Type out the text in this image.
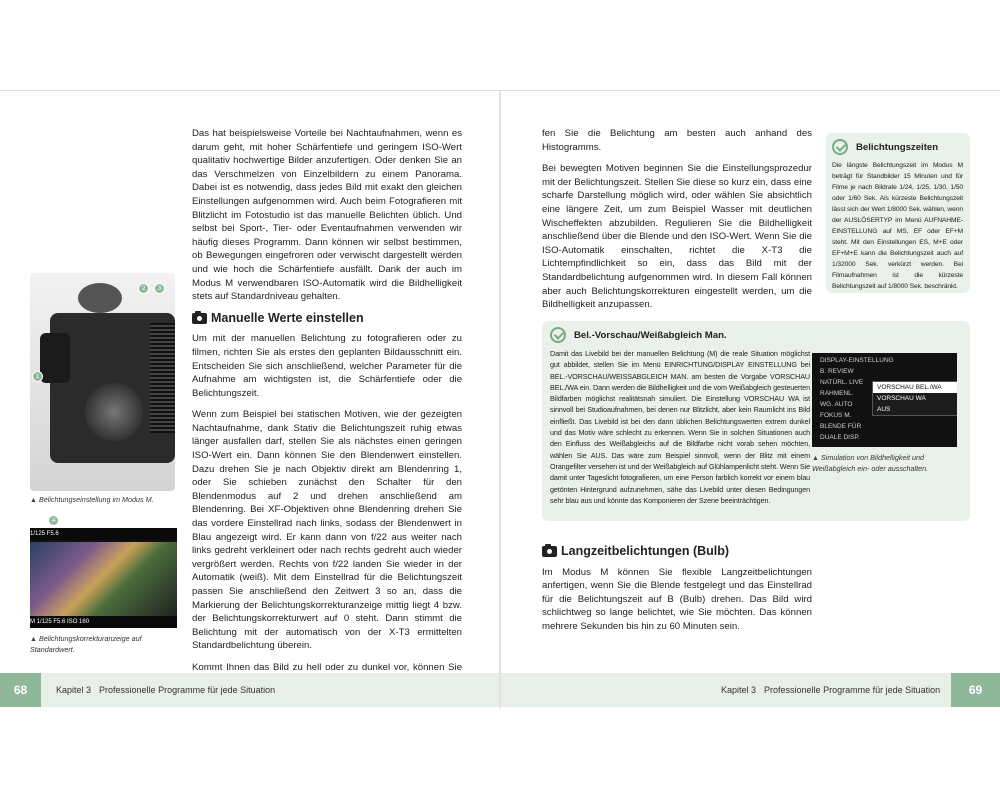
2	3
1
▲ Belichtungseinstellung im Modus M.
4
1/125 F5.6
M 1/125 F5.6 ISO 160
▲ Belichtungskorrekturanzeige auf Standardwert.

Das hat beispielsweise Vorteile bei Nachtaufnahmen, wenn es darum geht, mit hoher Schärfentiefe und geringem ISO-Wert qualitativ hochwertige Bilder anzufertigen. Oder denken Sie an das Verschmelzen von Einzelbildern zu einem Panorama. Dabei ist es notwendig, dass jedes Bild mit exakt den gleichen Einstellungen aufgenommen wird. Auch beim Fotografieren mit Blitzlicht im Fotostudio ist das manuelle Belichten üblich. Und selbst bei Sport-, Tier- oder Eventaufnahmen verwenden wir häufig dieses Programm. Dann können wir selbst bestimmen, ob Bewegungen eingefroren oder verwischt dargestellt werden und wie hoch die Schärfentiefe ausfällt. Dank der auch im Modus M verwendbaren ISO-Automatik wird die Bildhelligkeit stets auf Standardniveau gehalten.

Manuelle Werte einstellen

Um mit der manuellen Belichtung zu fotografieren oder zu filmen, richten Sie als erstes den geplanten Bildausschnitt ein. Entscheiden Sie sich anschließend, welcher Parameter für die Aufnahme am wichtigsten ist, die Schärfentiefe oder die Belichtungszeit.

Wenn zum Beispiel bei statischen Motiven, wie der gezeigten Nachtaufnahme, dank Stativ die Belichtungszeit ruhig etwas länger ausfallen darf, stellen Sie als nächstes einen geringen ISO-Wert ein. Dann können Sie den Blendenwert einstellen. Dazu drehen Sie je nach Objektiv direkt am Blendenring 1, oder Sie schieben zunächst den Schalter für den Blendenmodus auf 2 und drehen anschließend am Blendenring. Bei XF-Objektiven ohne Blendenring drehen Sie das vordere Einstellrad nach links, sodass der Blendenwert in Blau angezeigt wird. Er kann dann von f/22 aus weiter nach links gedreht verkleinert oder nach rechts gedreht auch wieder vergrößert werden. Rechts von f/22 landen Sie wieder in der Automatik (weiß). Mit dem Einstellrad für die Belichtungszeit passen Sie anschließend den Zeitwert 3 so an, dass die Markierung der Belichtungskorrekturanzeige mittig liegt 4 bzw. der Belichtungskorrekturwert auf 0 steht. Dann stimmt die Belichtung mit der automatisch von der X-T3 ermittelten Standardbelichtung überein.

Kommt Ihnen das Bild zu hell oder zu dunkel vor, können Sie

fen Sie die Belichtung am besten auch anhand des Histogramms.

Bei bewegten Motiven beginnen Sie die Einstellungsprozedur mit der Belichtungszeit. Stellen Sie diese so kurz ein, dass eine scharfe Darstellung möglich wird, oder wählen Sie absichtlich eine längere Zeit, um zum Beispiel Wasser mit deutlichen Wischeffekten abzubilden. Regulieren Sie die Bildhelligkeit anschließend über die Blende und den ISO-Wert. Wenn Sie die ISO-Automatik einschalten, richtet die X-T3 die Lichtempfindlichkeit so ein, dass das Bild mit der Standardbelichtung aufgenommen wird. In diesem Fall können aber auch Belichtungskorrekturen eingestellt werden, um die Bildhelligkeit anzupassen.

Belichtungszeiten

Die längste Belichtungszeit im Modus M beträgt für Standbilder 15 Minuten und für Filme je nach Bildrate 1/24, 1/25, 1/30, 1/50 oder 1/60 Sek. Als kürzeste Belichtungszeit lässt sich der Wert 1/8000 Sek. wählen, wenn der AUSLÖSERTYP im Menü AUFNAHME-EINSTELLUNG auf MS, EF oder EF+M steht. Mit den Einstellungen ES, M+E oder EF+M+E kann die Belichtungszeit auch auf 1/32000 Sek. verkürzt werden. Bei Filmaufnahmen ist die kürzeste Belichtungszeit auf 1/8000 Sek. beschränkt.

Bel.-Vorschau/Weißabgleich Man.

Damit das Livebild bei der manuellen Belichtung (M) die reale Situation möglichst gut abbildet, stellen Sie im Menü EINRICHTUNG/DISPLAY EINSTELLUNG bei BEL.-VORSCHAU/WEISSABGLEICH MAN. am besten die Vorgabe VORSCHAU BEL./WA ein. Dann werden die Bildhelligkeit und die vom Weißabgleich gesteuerten Bildfarben möglichst realitätsnah simuliert. Die Einstellung VORSCHAU WA ist sinnvoll bei Studioaufnahmen, bei denen nur Blitzlicht, aber kein Raumlicht ins Bild einfließt. Das Livebild ist bei den dann üblichen Belichtungswerten extrem dunkel und das Motiv wäre schlecht zu erkennen. Wenn Sie in solchen Situationen auch den Einfluss des Weißabgleichs auf die Bildfarbe nicht vorab sehen möchten, wählen Sie AUS. Das wäre zum Beispiel sinnvoll, wenn der Blitz mit einem Orangefilter versehen ist und der Weißabgleich auf Glühlampenlicht steht. Wenn Sie damit unter Tageslicht fotografieren, um eine Person farblich korrekt vor einem blau getönten Hintergrund aufzunehmen, sähe das Livebild unter diesen Bedingungen sehr blau aus und könnte das Komponieren der Szene beeinträchtigen.

DISPLAY-EINSTELLUNG
B. REVIEW
NATÜRL. LIVE
RAHMENL.
WG. AUTO
FOKUS M.
BLENDE FÜR
DUALE DISP.
VORSCHAU BEL./WA
VORSCHAU WA
AUS
▲ Simulation von Bildhelligkeit und Weißabgleich ein- oder ausschalten.
Langzeitbelichtungen (Bulb)

Im Modus M können Sie flexible Langzeitbelichtungen anfertigen, wenn Sie die Blende festgelegt und das Einstellrad für die Belichtungszeit auf B (Bulb) drehen. Das Bild wird schlichtweg so lange belichtet, wie Sie möchten. Das können mehrere Sekunden bis hin zu 60 Minuten sein.

68	Kapitel 3 Professionelle Programme für jede Situation	Kapitel 3 Professionelle Programme für jede Situation	69
